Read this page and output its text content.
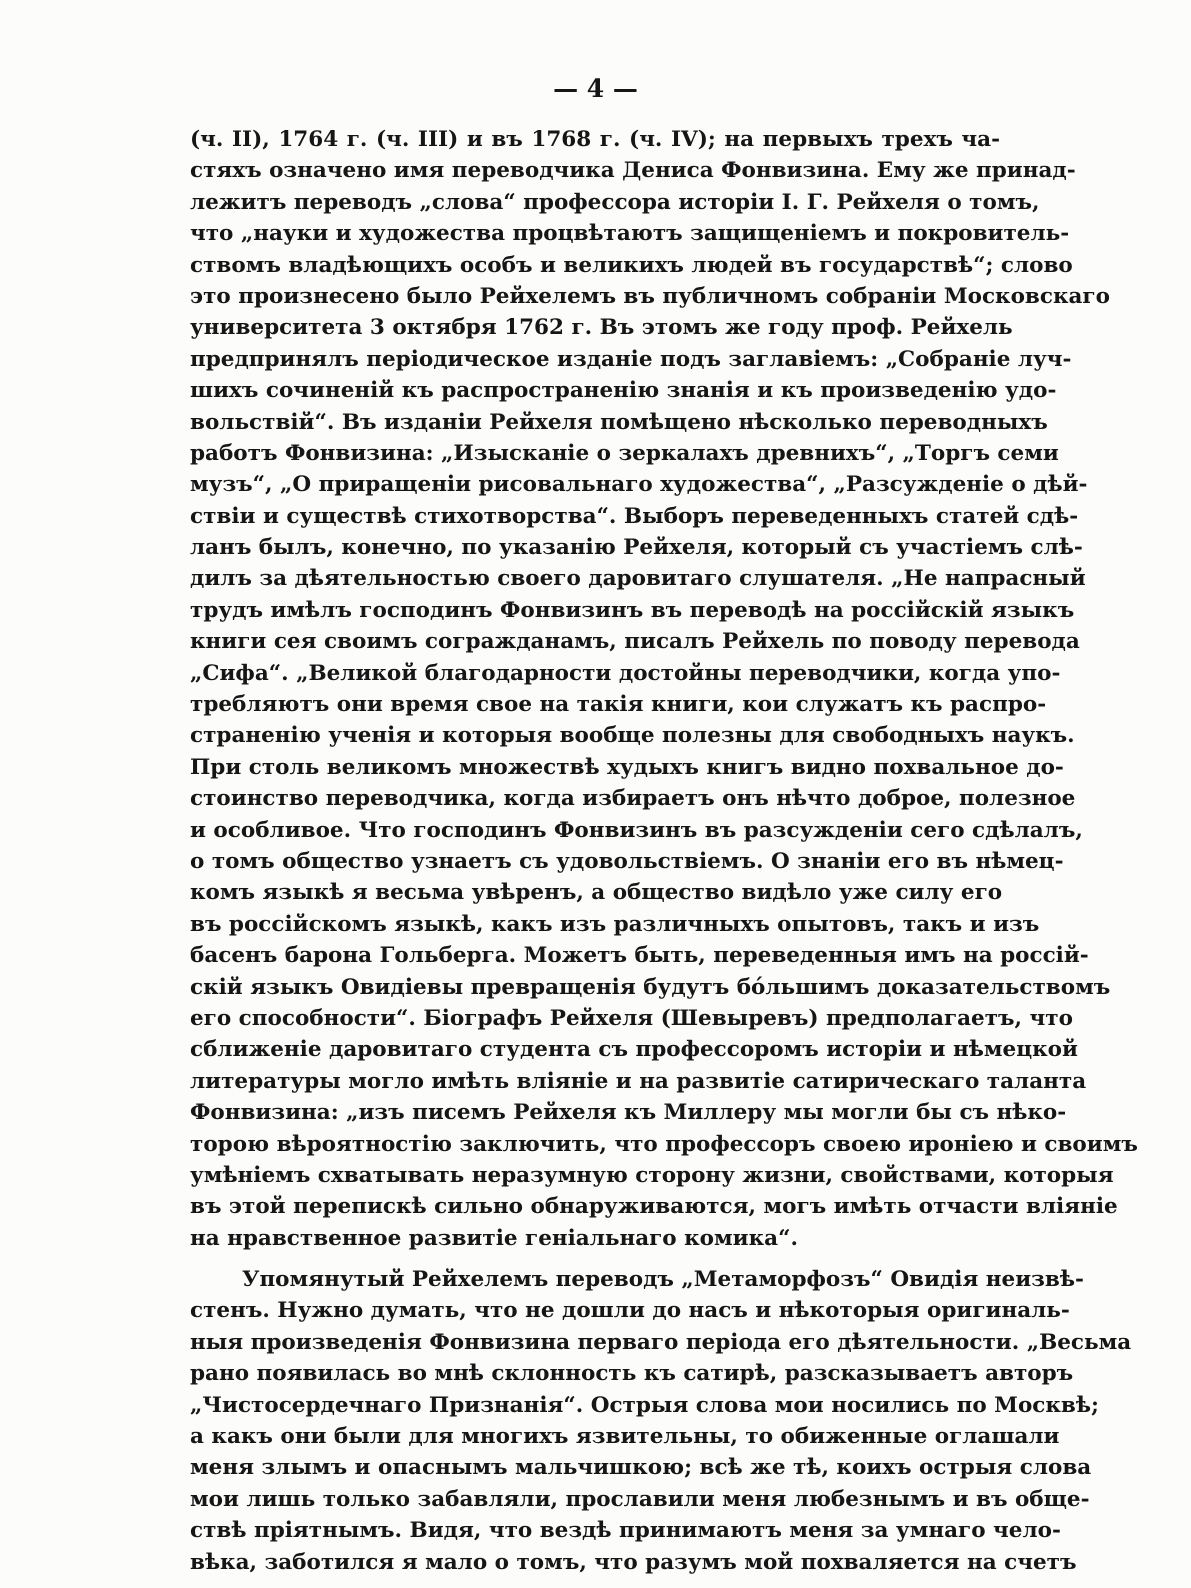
— 4 —
(ч. II), 1764 г. (ч. III) и въ 1768 г. (ч. IV); на первыхъ трехъ ча-
стяхъ означено имя переводчика Дениса Фонвизина. Ему же принад-
лежитъ переводъ „слова“ профессора исторіи І. Г. Рейхеля о томъ,
что „науки и художества процвѣтаютъ защищеніемъ и покровитель-
ствомъ владѣющихъ особъ и великихъ людей въ государствѣ“; слово
это произнесено было Рейхелемъ въ публичномъ собраніи Московскаго
университета 3 октября 1762 г. Въ этомъ же году проф. Рейхель
предпринялъ періодическое изданіе подъ заглавіемъ: „Собраніе луч-
шихъ сочиненій къ распространенію знанія и къ произведенію удо-
вольствій“. Въ изданіи Рейхеля помѣщено нѣсколько переводныхъ
работъ Фонвизина: „Изысканіе о зеркалахъ древнихъ“, „Торгъ семи
музъ“, „О приращеніи рисовальнаго художества“, „Разсужденіе о дѣй-
ствіи и существѣ стихотворства“. Выборъ переведенныхъ статей сдѣ-
ланъ былъ, конечно, по указанію Рейхеля, который съ участіемъ слѣ-
дилъ за дѣятельностью своего даровитаго слушателя. „Не напрасный
трудъ имѣлъ господинъ Фонвизинъ въ переводѣ на россійскій языкъ
книги сея своимъ согражданамъ, писалъ Рейхель по поводу перевода
„Сифа“. „Великой благодарности достойны переводчики, когда упо-
требляютъ они время свое на такія книги, кои служатъ къ распро-
страненію ученія и которыя вообще полезны для свободныхъ наукъ.
При столь великомъ множествѣ худыхъ книгъ видно похвальное до-
стоинство переводчика, когда избираетъ онъ нѣчто доброе, полезное
и особливое. Что господинъ Фонвизинъ въ разсужденіи сего сдѣлалъ,
о томъ общество узнаетъ съ удовольствіемъ. О знаніи его въ нѣмец-
комъ языкѣ я весьма увѣренъ, а общество видѣло уже силу его
въ россійскомъ языкѣ, какъ изъ различныхъ опытовъ, такъ и изъ
басенъ барона Гольберга. Можетъ быть, переведенныя имъ на россій-
скій языкъ Овидіевы превращенія будутъ бо́льшимъ доказательствомъ
его способности“. Біографъ Рейхеля (Шевыревъ) предполагаетъ, что
сближеніе даровитаго студента съ профессоромъ исторіи и нѣмецкой
литературы могло имѣть вліяніе и на развитіе сатирическаго таланта
Фонвизина: „изъ писемъ Рейхеля къ Миллеру мы могли бы съ нѣко-
торою вѣроятностію заключить, что профессоръ своею ироніею и своимъ
умѣніемъ схватывать неразумную сторону жизни, свойствами, которыя
въ этой перепискѣ сильно обнаруживаются, могъ имѣть отчасти вліяніе
на нравственное развитіе геніальнаго комика“.
Упомянутый Рейхелемъ переводъ „Метаморфозъ“ Овидія неизвѣ-
стенъ. Нужно думать, что не дошли до насъ и нѣкоторыя оригиналь-
ныя произведенія Фонвизина перваго періода его дѣятельности. „Весьма
рано появилась во мнѣ склонность къ сатирѣ, разсказываетъ авторъ
„Чистосердечнаго Признанія“. Острыя слова мои носились по Москвѣ;
а какъ они были для многихъ язвительны, то обиженные оглашали
меня злымъ и опаснымъ мальчишкою; всѣ же тѣ, коихъ острыя слова
мои лишь только забавляли, прославили меня любезнымъ и въ обще-
ствѣ пріятнымъ. Видя, что вездѣ принимаютъ меня за умнаго чело-
вѣка, заботился я мало о томъ, что разумъ мой похваляется на счетъ
